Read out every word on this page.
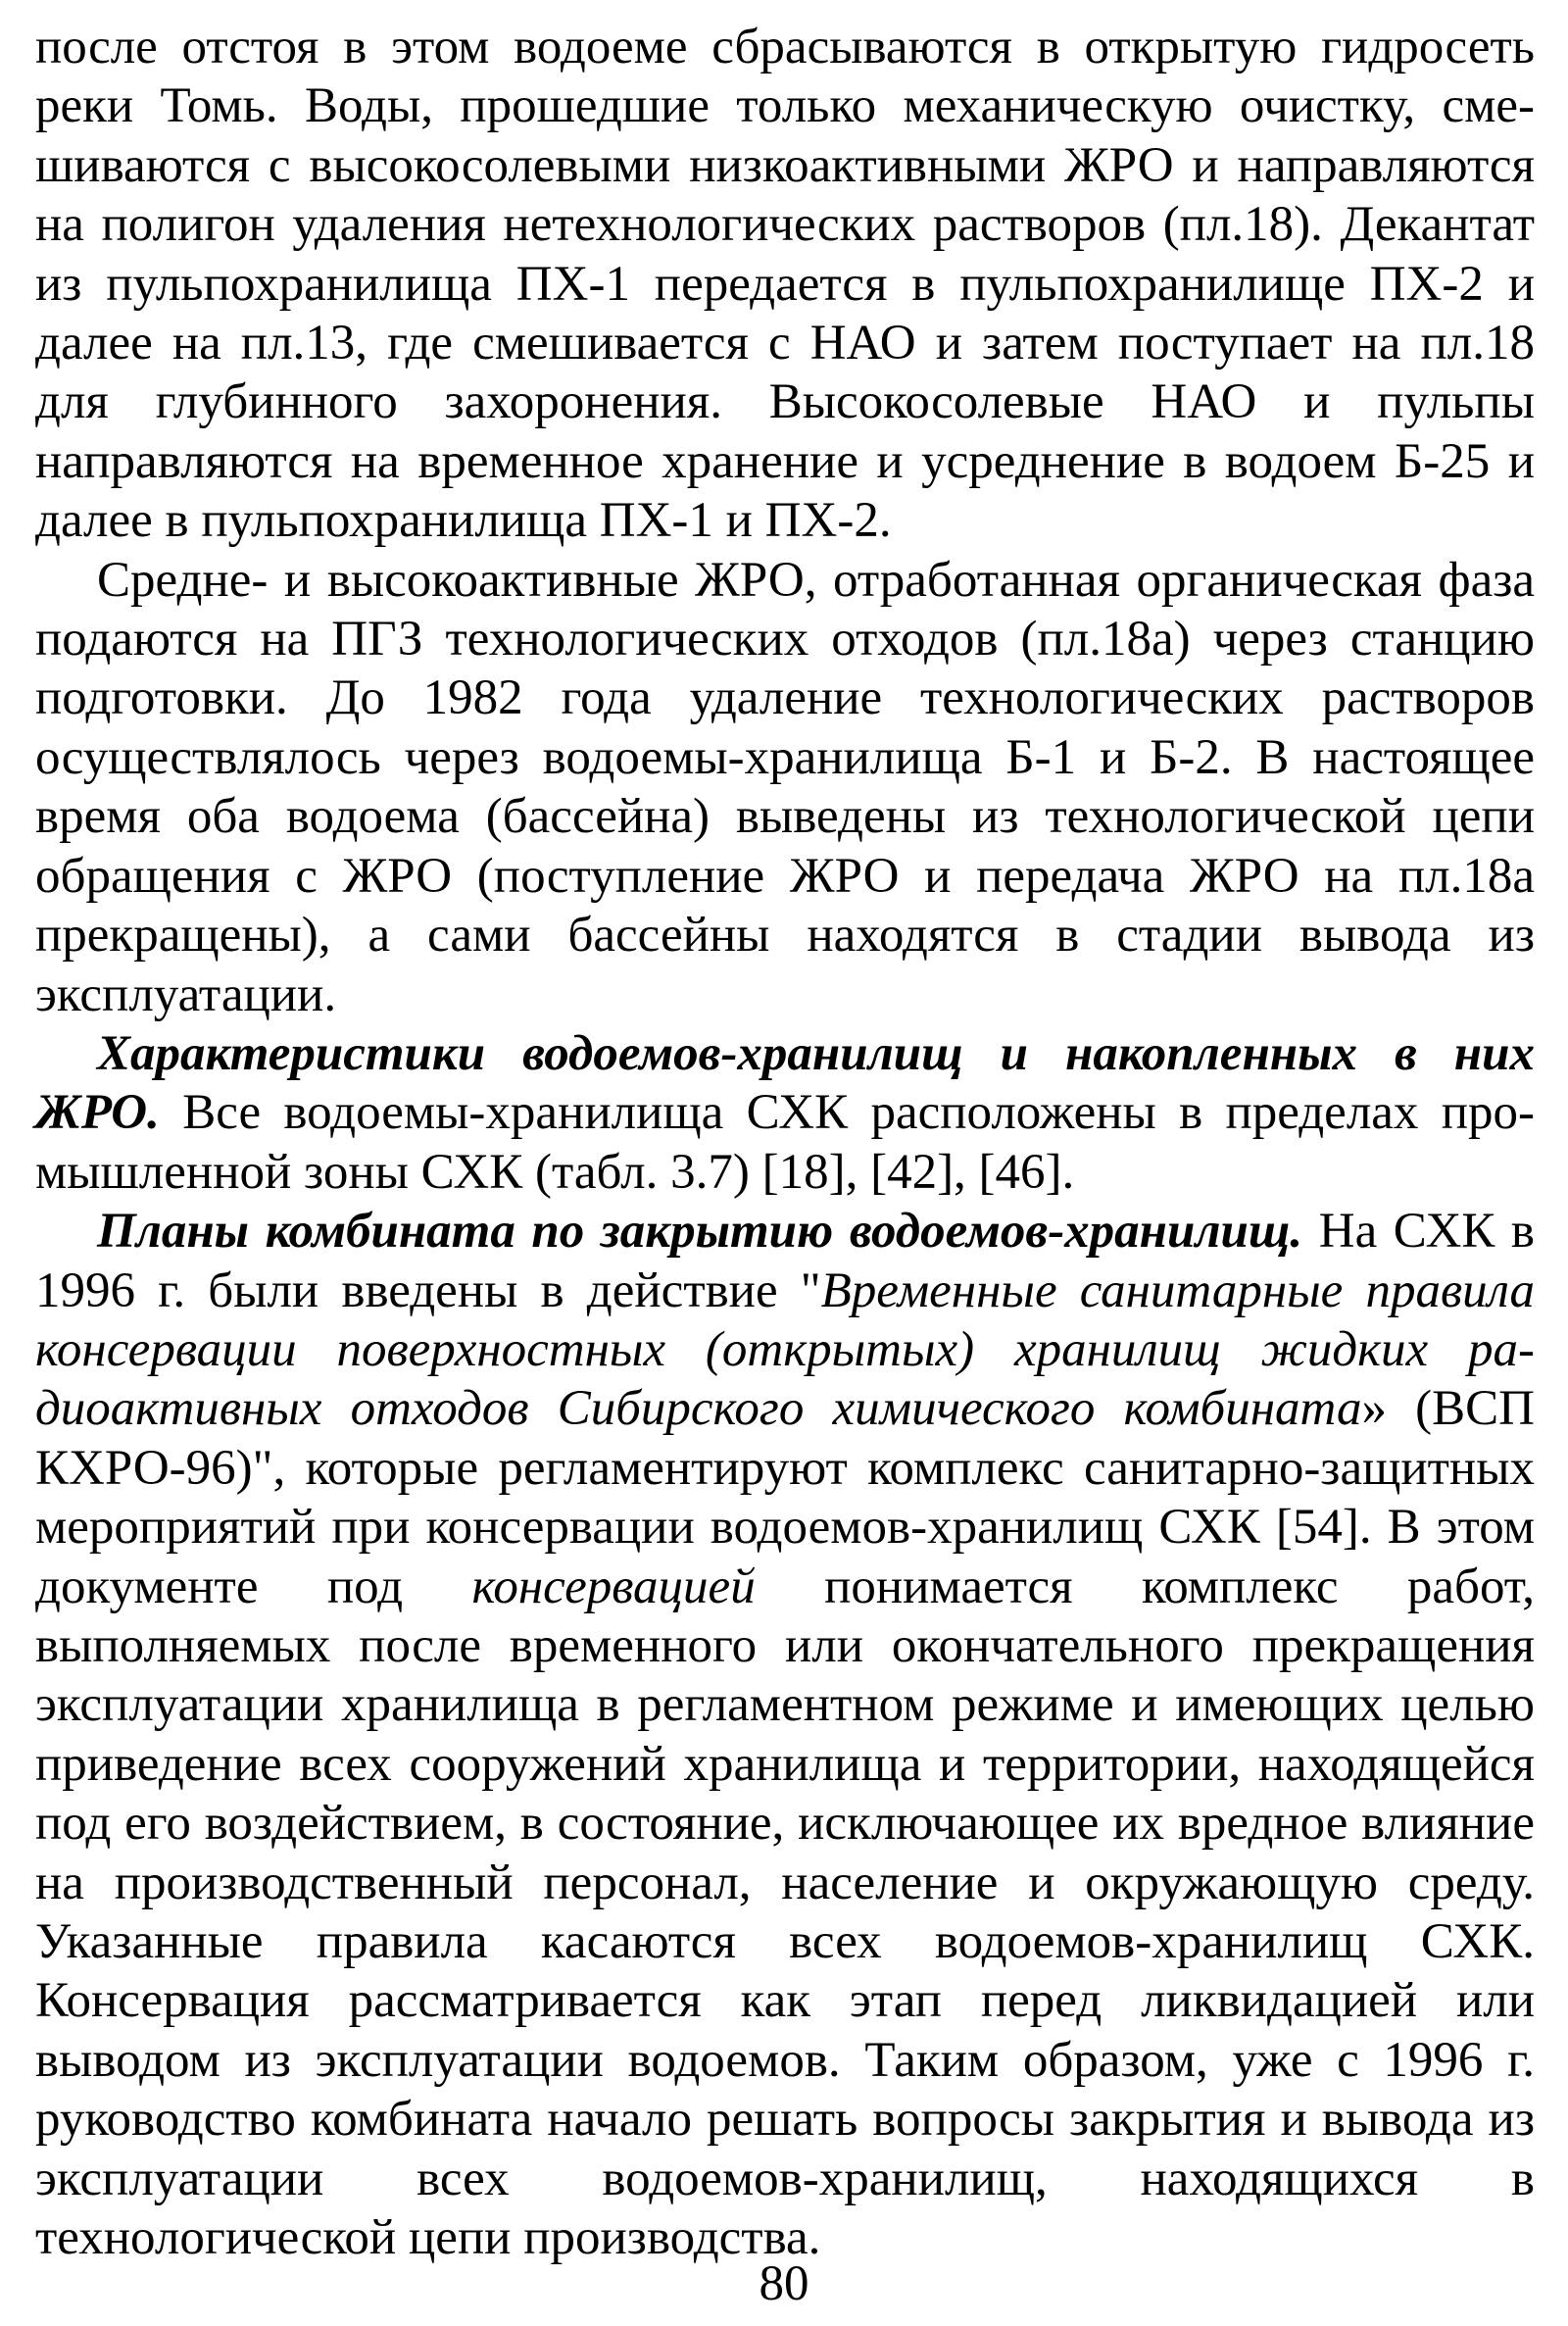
после отстоя в этом водоеме сбрасываются в открытую гидросеть реки Томь. Воды, прошедшие только механическую очистку, смешиваются с высокосолевыми низкоактивными ЖРО и направляются на полигон удаления нетехнологических растворов (пл.18). Декантат из пульпохранилища ПХ-1 передается в пульпохранилище ПХ-2 и далее на пл.13, где смешивается с НАО и затем поступает на пл.18 для глубинного захоронения. Высокосолевые НАО и пульпы направляются на временное хранение и усреднение в водоем Б-25 и далее в пульпохранилища ПХ-1 и ПХ-2.

Средне- и высокоактивные ЖРО, отработанная органическая фаза подаются на ПГЗ технологических отходов (пл.18а) через станцию подготовки. До 1982 года удаление технологических растворов осуществлялось через водоемы-хранилища Б-1 и Б-2. В настоящее время оба водоема (бассейна) выведены из технологической цепи обращения с ЖРО (поступление ЖРО и передача ЖРО на пл.18а прекращены), а сами бассейны находятся в стадии вывода из эксплуатации.

Характеристики водоемов-хранилищ и накопленных в них ЖРО. Все водоемы-хранилища СХК расположены в пределах промышленной зоны СХК (табл. 3.7) [18], [42], [46].

Планы комбината по закрытию водоемов-хранилищ. На СХК в 1996 г. были введены в действие "Временные санитарные правила консервации поверхностных (открытых) хранилищ жидких радиоактивных отходов Сибирского химического комбината» (ВСП КХРО-96)", которые регламентируют комплекс санитарно-защитных мероприятий при консервации водоемов-хранилищ СХК [54]. В этом документе под консервацией понимается комплекс работ, выполняемых после временного или окончательного прекращения эксплуатации хранилища в регламентном режиме и имеющих целью приведение всех сооружений хранилища и территории, находящейся под его воздействием, в состояние, исключающее их вредное влияние на производственный персонал, население и окружающую среду. Указанные правила касаются всех водоемов-хранилищ СХК. Консервация рассматривается как этап перед ликвидацией или выводом из эксплуатации водоемов. Таким образом, уже с 1996 г. руководство комбината начало решать вопросы закрытия и вывода из эксплуатации всех водоемов-хранилищ, находящихся в технологической цепи производства.

80
